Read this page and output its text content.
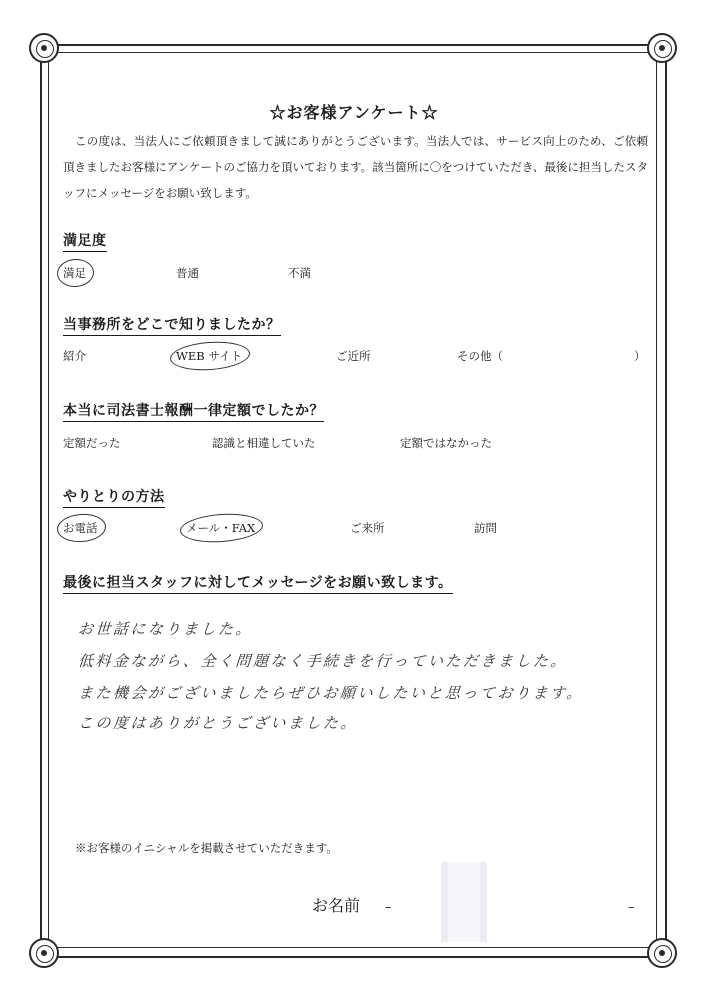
☆お客様アンケート☆
この度は、当法人にご依頼頂きまして誠にありがとうございます。当法人では、サービス向上のため、ご依頼頂きましたお客様にアンケートのご協力を頂いております。該当箇所に〇をつけていただき、最後に担当したスタッフにメッセージをお願い致します。
満足度
満足	普通	不満
当事務所をどこで知りましたか？
紹介	WEB サイト	ご近所	その他（	）
本当に司法書士報酬一律定額でしたか？
定額だった	認識と相違していた	定額ではなかった
やりとりの方法
お電話	メール・FAX	ご来所	訪問
最後に担当スタッフに対してメッセージをお願い致します。
お世話になりました。
低料金ながら、全く問題なく手続きを行っていただきました。
また機会がございましたらぜひお願いしたいと思っております。
この度はありがとうございました。
※お客様のイニシャルを掲載させていただきます。
お名前 –	–
